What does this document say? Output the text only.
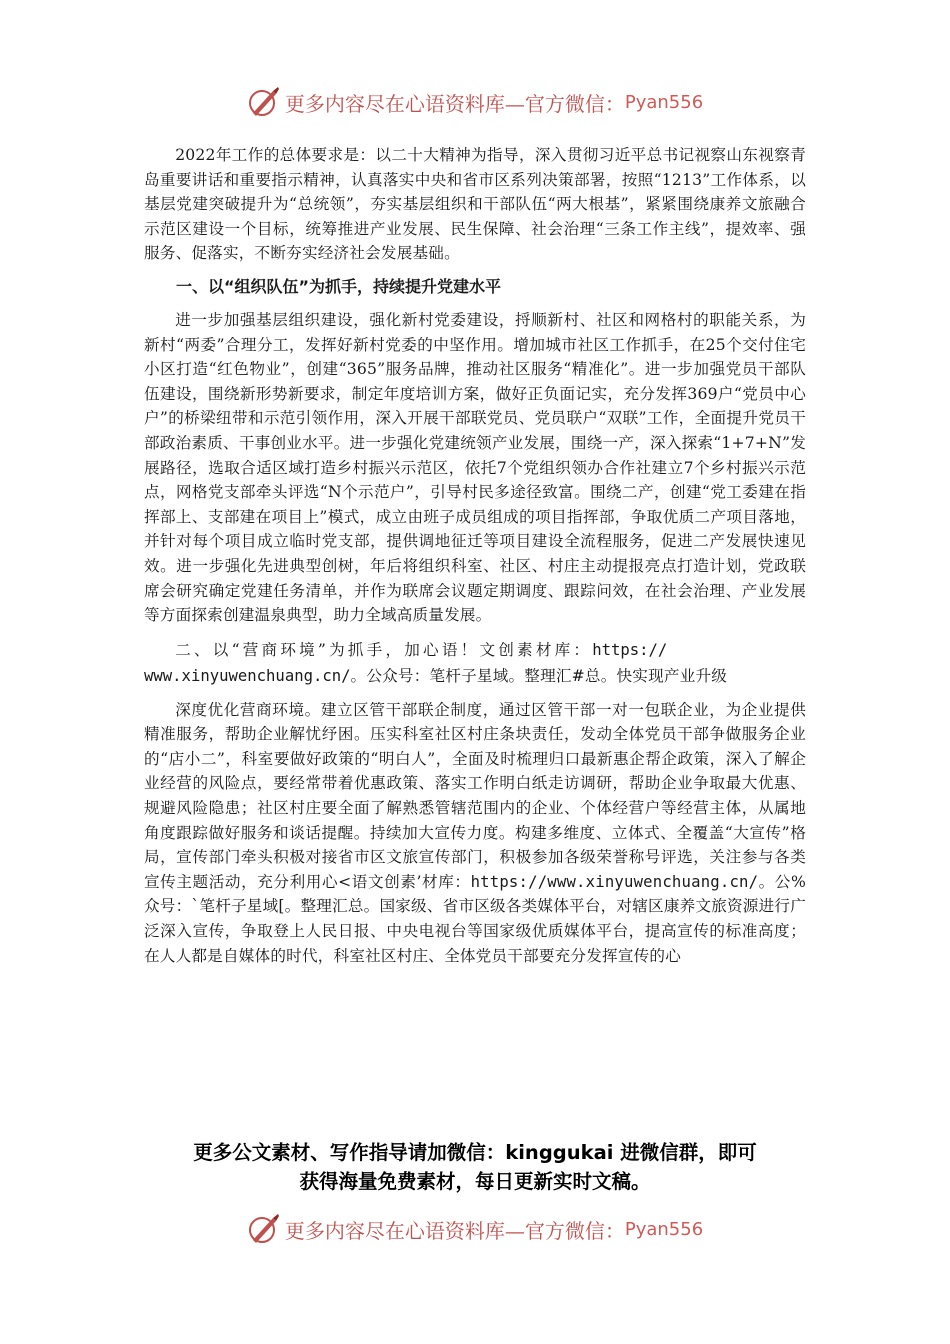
更多内容尽在心语资料库—官方微信： Pyan556

2022年工作的总体要求是：以二十大精神为指导，深入贯彻习近平总书记视察山东视察青岛重要讲话和重要指示精神，认真落实中央和省市区系列决策部署，按照“1213”工作体系，以基层党建突破提升为“总统领”，夯实基层组织和干部队伍“两大根基”，紧紧围绕康养文旅融合示范区建设一个目标，统筹推进产业发展、民生保障、社会治理“三条工作主线”，提效率、强服务、促落实，不断夯实经济社会发展基础。

一、以“组织队伍”为抓手，持续提升党建水平

进一步加强基层组织建设，强化新村党委建设，捋顺新村、社区和网格村的职能关系，为新村“两委”合理分工，发挥好新村党委的中坚作用。增加城市社区工作抓手，在25个交付住宅小区打造“红色物业”，创建“365”服务品牌，推动社区服务“精准化”。进一步加强党员干部队伍建设，围绕新形势新要求，制定年度培训方案，做好正负面记实，充分发挥369户“党员中心户”的桥梁纽带和示范引领作用，深入开展干部联党员、党员联户“双联”工作，全面提升党员干部政治素质、干事创业水平。进一步强化党建统领产业发展，围绕一产，深入探索“1+7+N”发展路径，选取合适区域打造乡村振兴示范区，依托7个党组织领办合作社建立7个乡村振兴示范点，网格党支部牵头评选“N个示范户”，引导村民多途径致富。围绕二产，创建“党工委建在指挥部上、支部建在项目上”模式，成立由班子成员组成的项目指挥部，争取优质二产项目落地，并针对每个项目成立临时党支部，提供调地征迁等项目建设全流程服务，促进二产发展快速见效。进一步强化先进典型创树，年后将组织科室、社区、村庄主动提报亮点打造计划，党政联席会研究确定党建任务清单，并作为联席会议题定期调度、跟踪问效，在社会治理、产业发展等方面探索创建温泉典型，助力全域高质量发展。

二、以“营商环境”为抓手，加心语！文创素材库：https://

www.xinyuwenchuang.cn/。公众号：笔杆子星域。整理汇#总。快实现产业升级

深度优化营商环境。建立区管干部联企制度，通过区管干部一对一包联企业，为企业提供精准服务，帮助企业解忧纾困。压实科室社区村庄条块责任，发动全体党员干部争做服务企业的“店小二”，科室要做好政策的“明白人”，全面及时梳理归口最新惠企帮企政策，深入了解企业经营的风险点，要经常带着优惠政策、落实工作明白纸走访调研，帮助企业争取最大优惠、规避风险隐患；社区村庄要全面了解熟悉管辖范围内的企业、个体经营户等经营主体，从属地角度跟踪做好服务和谈话提醒。持续加大宣传力度。构建多维度、立体式、全覆盖“大宣传”格局，宣传部门牵头积极对接省市区文旅宣传部门，积极参加各级荣誉称号评选，关注参与各类宣传主题活动，充分利用心<语文创素’材库：https://www.xinyuwenchuang.cn/。公%众号：`笔杆子星域[。整理汇总。国家级、省市区级各类媒体平台，对辖区康养文旅资源进行广泛深入宣传，争取登上人民日报、中央电视台等国家级优质媒体平台，提高宣传的标准高度；在人人都是自媒体的时代，科室社区村庄、全体党员干部要充分发挥宣传的心

更多公文素材、写作指导请加微信：kinggukai 进微信群，即可
获得海量免费素材，每日更新实时文稿。
更多内容尽在心语资料库—官方微信： Pyan556
